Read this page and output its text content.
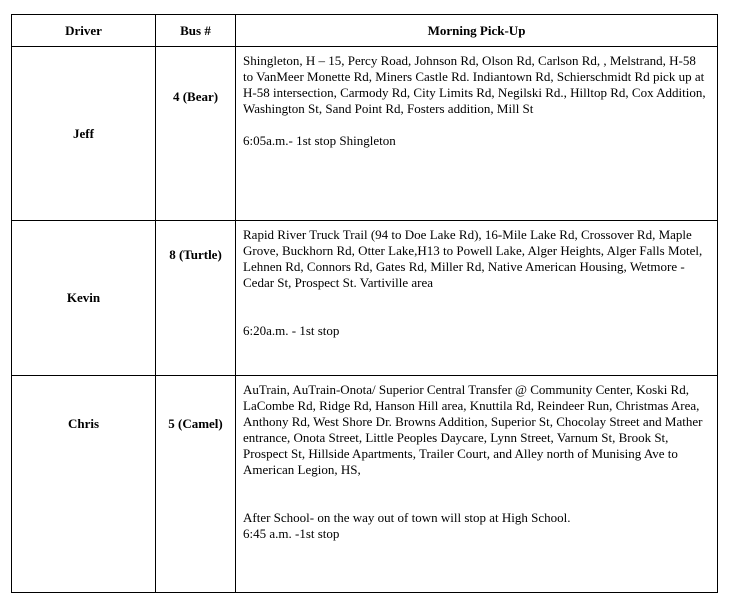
Driver	Bus #	Morning Pick-Up
Jeff	4 (Bear)	Shingleton, H – 15, Percy Road, Johnson Rd, Olson Rd, Carlson Rd, , Melstrand, H-58 to VanMeer Monette Rd, Miners Castle Rd. Indiantown Rd, Schierschmidt Rd pick up at H-58 intersection, Carmody Rd, City Limits Rd, Negilski Rd., Hilltop Rd, Cox Addition, Washington St, Sand Point Rd, Fosters addition, Mill St
6:05a.m.- 1st stop Shingleton

Kevin	8 (Turtle)	Rapid River Truck Trail (94 to Doe Lake Rd), 16-Mile Lake Rd, Crossover Rd, Maple Grove, Buckhorn Rd, Otter Lake,H13 to Powell Lake, Alger Heights, Alger Falls Motel, Lehnen Rd, Connors Rd, Gates Rd, Miller Rd, Native American Housing, Wetmore - Cedar St, Prospect St. Vartiville area
6:20a.m. - 1st stop

Chris	5 (Camel)	AuTrain, AuTrain-Onota/ Superior Central Transfer @ Community Center, Koski Rd, LaCombe Rd, Ridge Rd, Hanson Hill area, Knuttila Rd, Reindeer Run, Christmas Area, Anthony Rd, West Shore Dr. Browns Addition, Superior St, Chocolay Street and Mather entrance, Onota Street, Little Peoples Daycare, Lynn Street, Varnum St, Brook St, Prospect St, Hillside Apartments, Trailer Court, and Alley north of Munising Ave to American Legion, HS,
After School- on the way out of town will stop at High School.
6:45 a.m. -1st stop
